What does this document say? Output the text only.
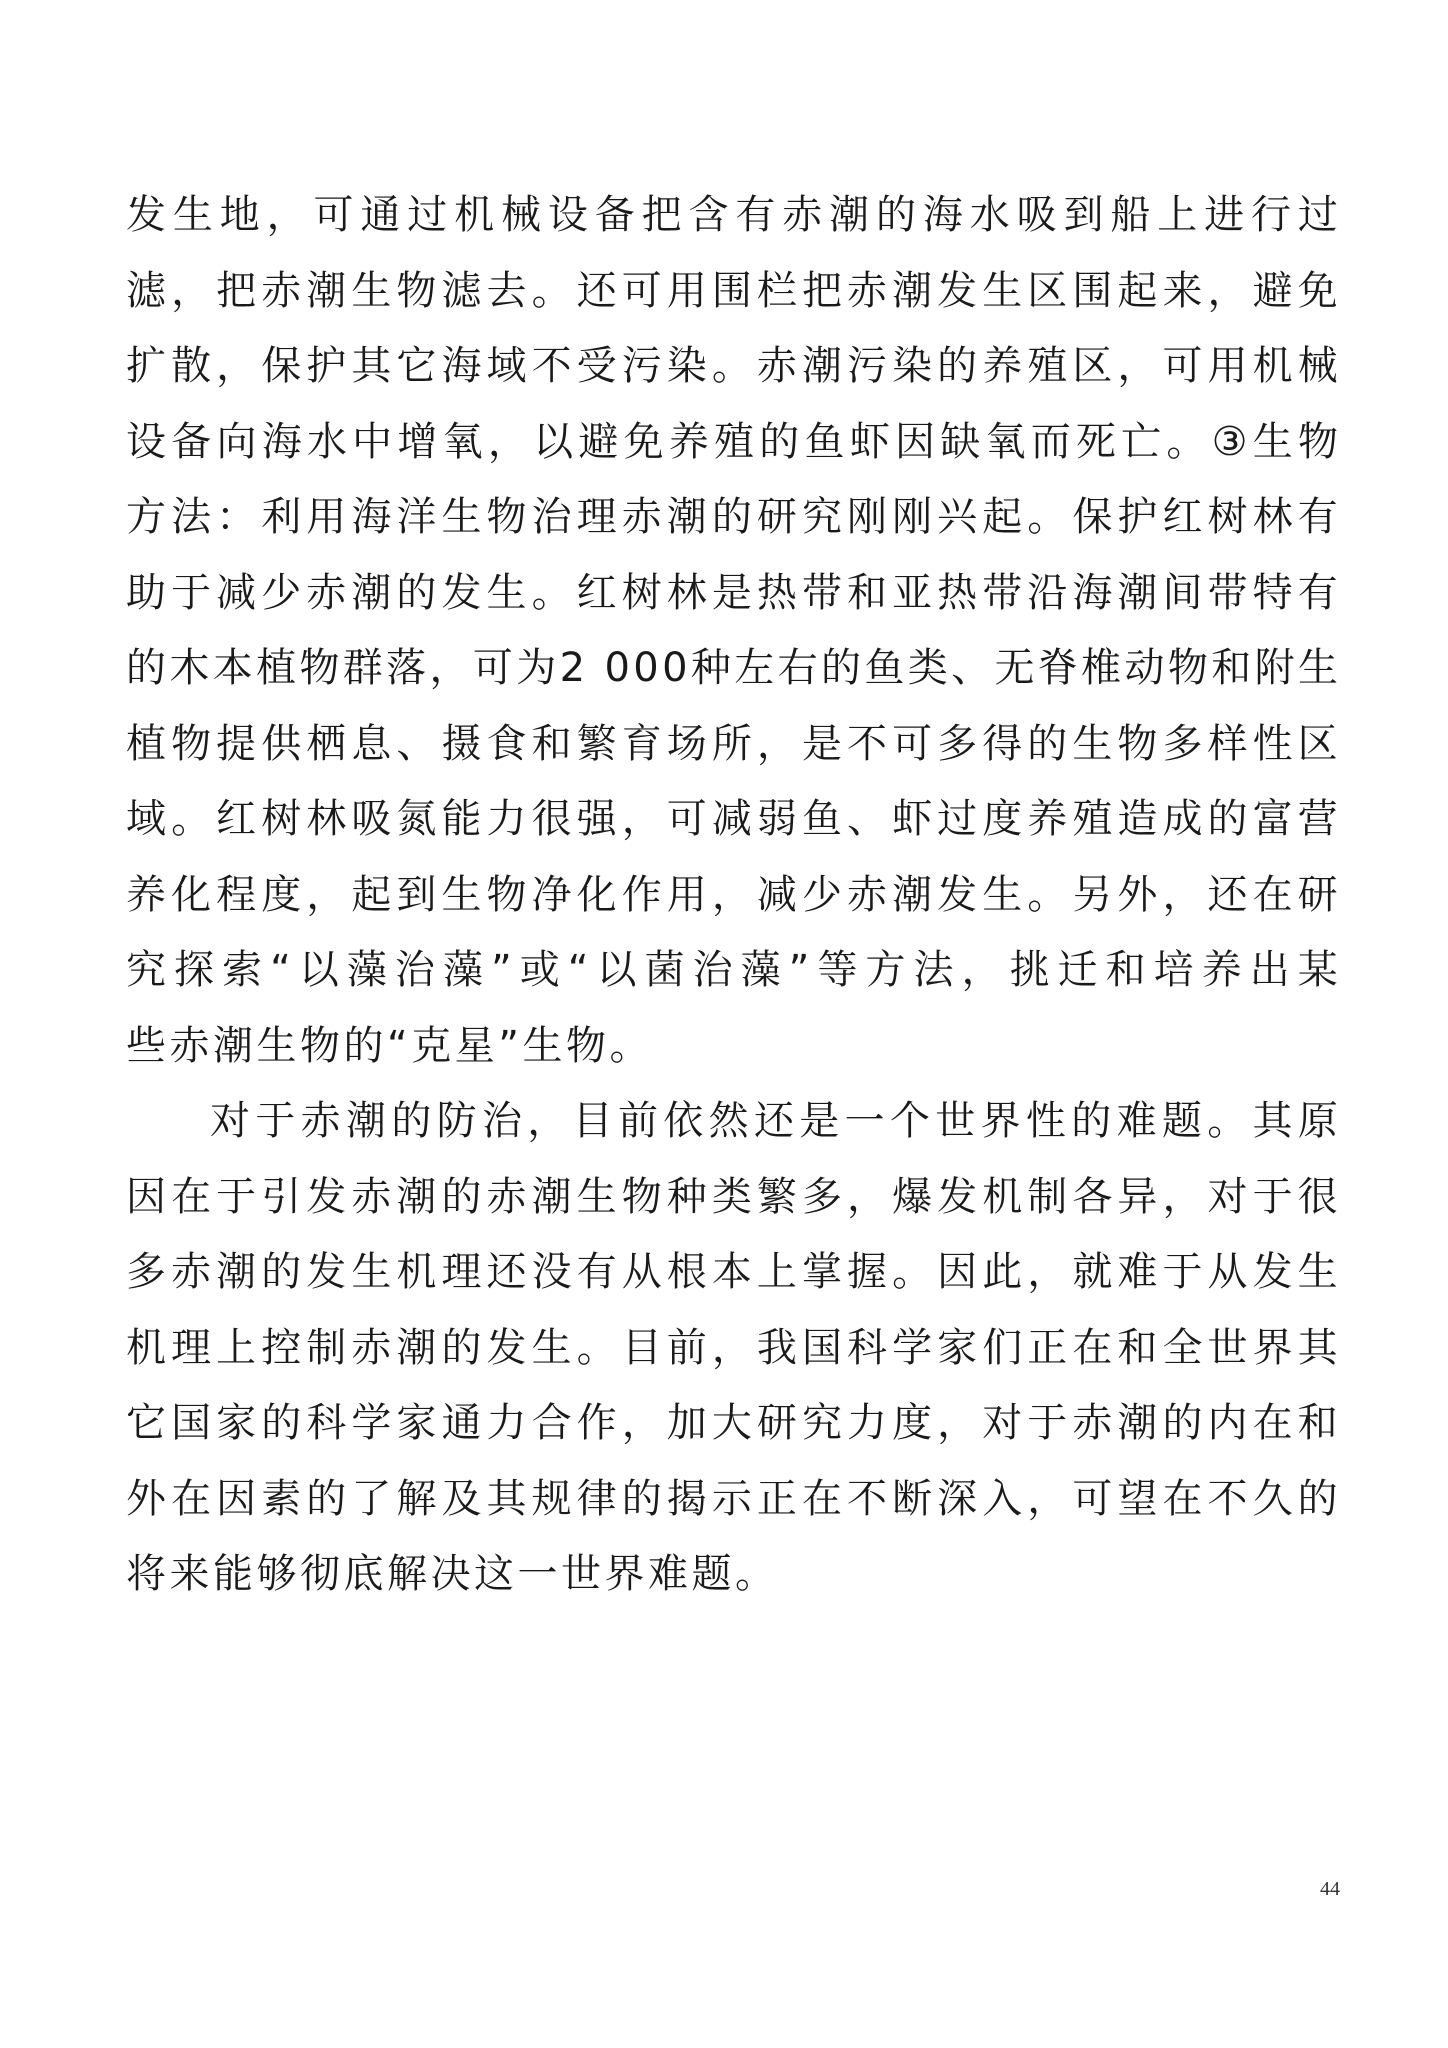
发 生 地 ， 可 通 过 机 械 设 备 把 含 有 赤 潮 的 海 水 吸 到 船 上 进 行 过
滤 ， 把 赤 潮 生 物 滤 去 。 还 可 用 围 栏 把 赤 潮 发 生 区 围 起 来 ， 避 免
扩 散 ， 保 护 其 它 海 域 不 受 污 染 。 赤 潮 污 染 的 养 殖 区 ， 可 用 机 械
设 备 向 海 水 中 增 氧 ， 以 避 免 养 殖 的 鱼 虾 因 缺 氧 而 死 亡 。 ③ 生 物
方 法 ： 利 用 海 洋 生 物 治 理 赤 潮 的 研 究 刚 刚 兴 起 。 保 护 红 树 林 有
助 于 减 少 赤 潮 的 发 生 。 红 树 林 是 热 带 和 亚 热 带 沿 海 潮 间 带 特 有
的 木 本 植 物 群 落 ， 可 为 2
0 0 0 种 左 右 的 鱼 类 、 无 脊 椎 动 物 和 附 生
植 物 提 供 栖 息 、 摄 食 和 繁 育 场 所 ， 是 不 可 多 得 的 生 物 多 样 性 区
域 。 红 树 林 吸 氮 能 力 很 强 ， 可 减 弱 鱼 、 虾 过 度 养 殖 造 成 的 富 营
养 化 程 度 ， 起 到 生 物 净 化 作 用 ， 减 少 赤 潮 发 生 。 另 外 ， 还 在 研
究 探 索 “ 以 藻 治 藻 ” 或 “ 以 菌 治 藻 ” 等 方 法 ， 挑 迁 和 培 养 出 某
些赤潮生物的“克星”生物。
对 于 赤 潮 的 防 治 ， 目 前 依 然 还 是 一 个 世 界 性 的 难 题 。 其 原
因 在 于 引 发 赤 潮 的 赤 潮 生 物 种 类 繁 多 ， 爆 发 机 制 各 异 ， 对 于 很
多 赤 潮 的 发 生 机 理 还 没 有 从 根 本 上 掌 握 。 因 此 ， 就 难 于 从 发 生
机 理 上 控 制 赤 潮 的 发 生 。 目 前 ， 我 国 科 学 家 们 正 在 和 全 世 界 其
它 国 家 的 科 学 家 通 力 合 作 ， 加 大 研 究 力 度 ， 对 于 赤 潮 的 内 在 和
外 在 因 素 的 了 解 及 其 规 律 的 揭 示 正 在 不 断 深 入 ， 可 望 在 不 久 的
将来能够彻底解决这一世界难题。
44
